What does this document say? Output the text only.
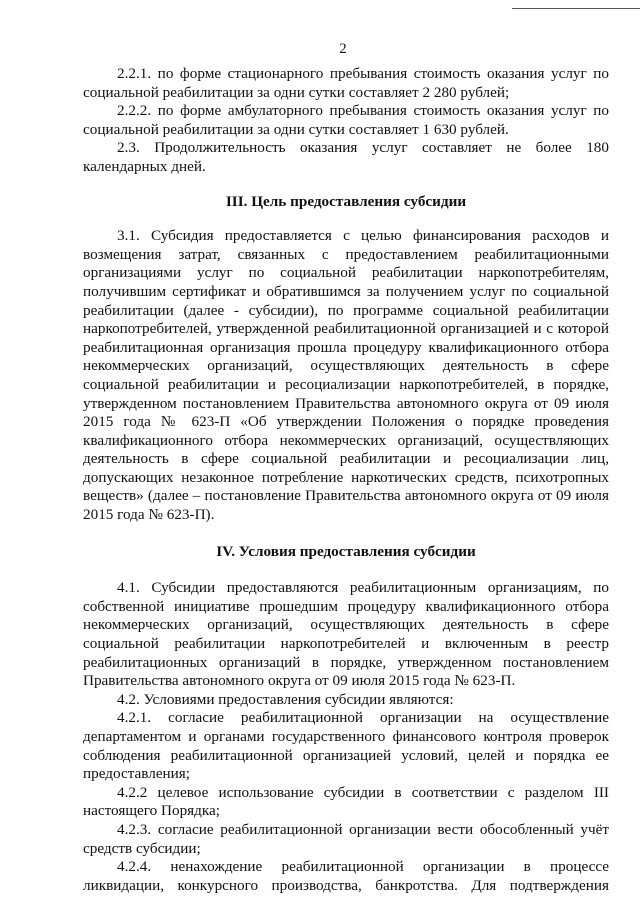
2

2.2.1. по форме стационарного пребывания стоимость оказания услуг по социальной реабилитации за одни сутки составляет 2 280 рублей;

2.2.2. по форме амбулаторного пребывания стоимость оказания услуг по социальной реабилитации за одни сутки составляет 1 630 рублей.

2.3. Продолжительность оказания услуг составляет не более 180 календарных дней.

III. Цель предоставления субсидии

3.1. Субсидия предоставляется с целью финансирования расходов и возмещения затрат, связанных с предоставлением реабилитационными организациями услуг по социальной реабилитации наркопотребителям, получившим сертификат и обратившимся за получением услуг по социальной реабилитации (далее - субсидии), по программе социальной реабилитации наркопотребителей, утвержденной реабилитационной организацией и с которой реабилитационная организация прошла процедуру квалификационного отбора некоммерческих организаций, осуществляющих деятельность в сфере социальной реабилитации и ресоциализации наркопотребителей, в порядке, утвержденном постановлением Правительства автономного округа от 09 июля 2015 года № 623-П «Об утверждении Положения о порядке проведения квалификационного отбора некоммерческих организаций, осуществляющих деятельность в сфере социальной реабилитации и ресоциализации лиц, допускающих незаконное потребление наркотических средств, психотропных веществ» (далее – постановление Правительства автономного округа от 09 июля 2015 года № 623-П).

IV. Условия предоставления субсидии

4.1. Субсидии предоставляются реабилитационным организациям, по собственной инициативе прошедшим процедуру квалификационного отбора некоммерческих организаций, осуществляющих деятельность в сфере социальной реабилитации наркопотребителей и включенным в реестр реабилитационных организаций в порядке, утвержденном постановлением Правительства автономного округа от 09 июля 2015 года № 623-П.

4.2. Условиями предоставления субсидии являются:

4.2.1. согласие реабилитационной организации на осуществление департаментом и органами государственного финансового контроля проверок соблюдения реабилитационной организацией условий, целей и порядка ее предоставления;

4.2.2 целевое использование субсидии в соответствии с разделом III настоящего Порядка;

4.2.3. согласие реабилитационной организации вести обособленный учёт средств субсидии;

4.2.4. ненахождение реабилитационной организации в процессе ликвидации, конкурсного производства, банкротства. Для подтверждения
